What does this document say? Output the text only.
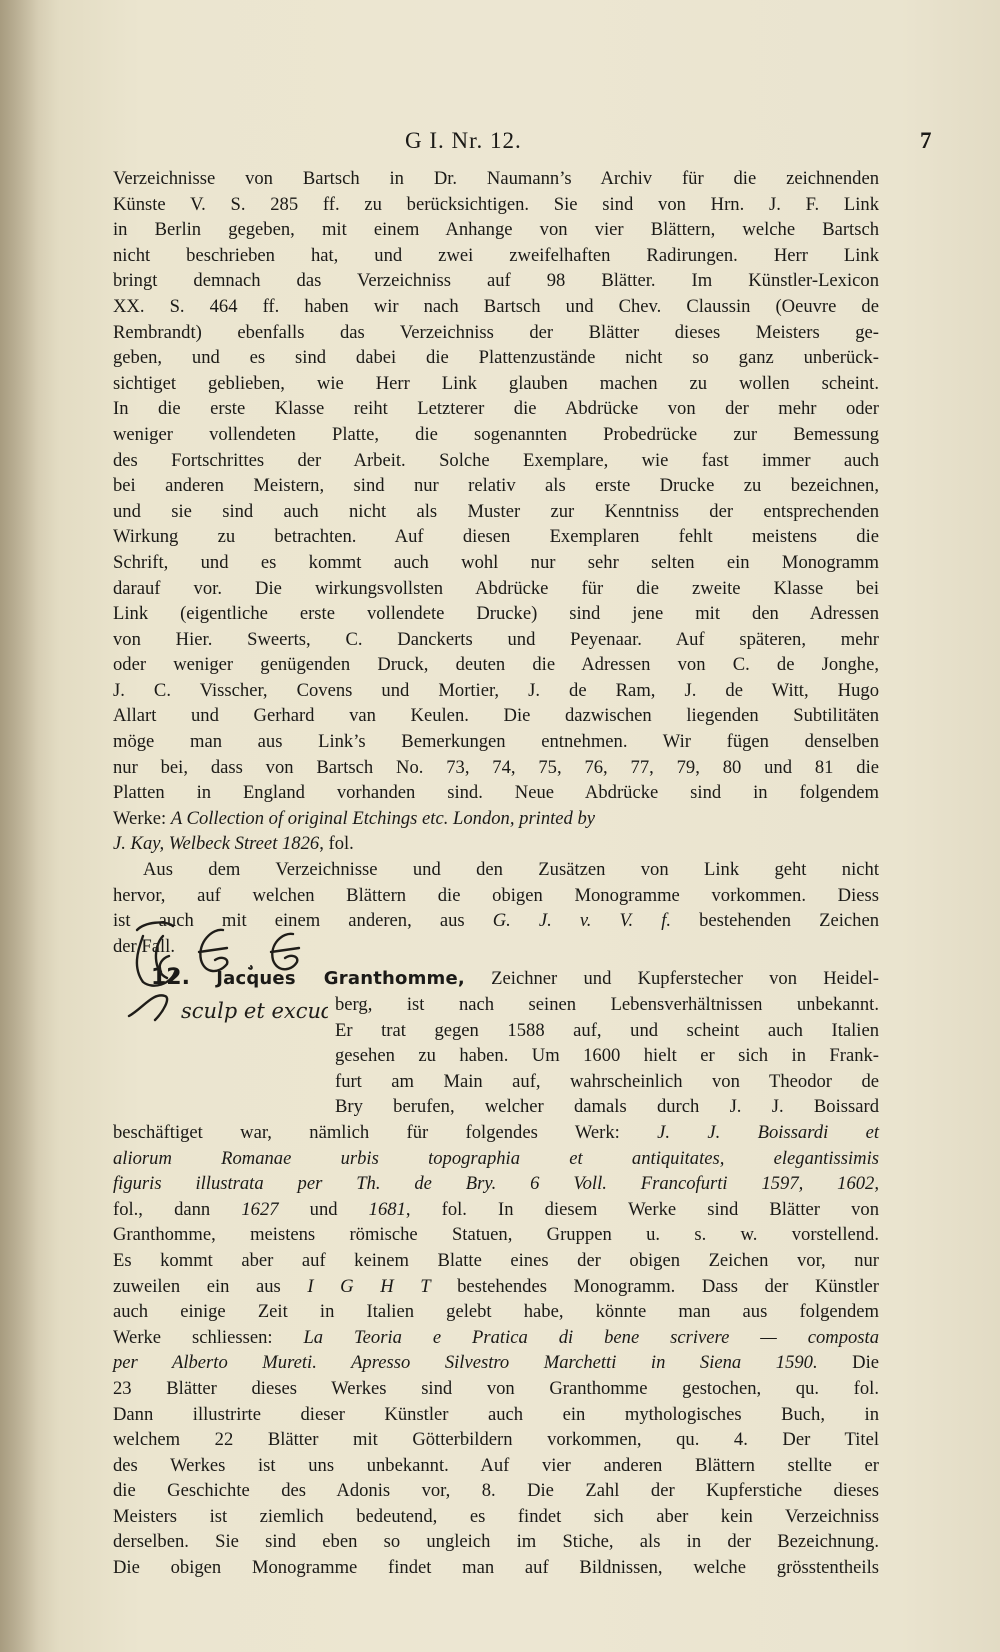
G I. Nr. 12.	7
Verzeichnisse von Bartsch in Dr. Naumann’s Archiv für die zeichnenden
Künste V. S. 285 ff. zu berücksichtigen. Sie sind von Hrn. J. F. Link
in Berlin gegeben, mit einem Anhange von vier Blättern, welche Bartsch
nicht beschrieben hat, und zwei zweifelhaften Radirungen. Herr Link
bringt demnach das Verzeichniss auf 98 Blätter. Im Künstler-Lexicon
XX. S. 464 ff. haben wir nach Bartsch und Chev. Claussin (Oeuvre de
Rembrandt) ebenfalls das Verzeichniss der Blätter dieses Meisters ge-
geben, und es sind dabei die Plattenzustände nicht so ganz unberück-
sichtiget geblieben, wie Herr Link glauben machen zu wollen scheint.
In die erste Klasse reiht Letzterer die Abdrücke von der mehr oder
weniger vollendeten Platte, die sogenannten Probedrücke zur Bemessung
des Fortschrittes der Arbeit. Solche Exemplare, wie fast immer auch
bei anderen Meistern, sind nur relativ als erste Drucke zu bezeichnen,
und sie sind auch nicht als Muster zur Kenntniss der entsprechenden
Wirkung zu betrachten. Auf diesen Exemplaren fehlt meistens die
Schrift, und es kommt auch wohl nur sehr selten ein Monogramm
darauf vor. Die wirkungsvollsten Abdrücke für die zweite Klasse bei
Link (eigentliche erste vollendete Drucke) sind jene mit den Adressen
von Hier. Sweerts, C. Danckerts und Peyenaar. Auf späteren, mehr
oder weniger genügenden Druck, deuten die Adressen von C. de Jonghe,
J. C. Visscher, Covens und Mortier, J. de Ram, J. de Witt, Hugo
Allart und Gerhard van Keulen. Die dazwischen liegenden Subtilitäten
möge man aus Link’s Bemerkungen entnehmen. Wir fügen denselben
nur bei, dass von Bartsch No. 73, 74, 75, 76, 77, 79, 80 und 81 die
Platten in England vorhanden sind. Neue Abdrücke sind in folgendem
Werke: A Collection of original Etchings etc. London, printed by
J. Kay, Welbeck Street 1826, fol.
Aus dem Verzeichnisse und den Zusätzen von Link geht nicht
hervor, auf welchen Blättern die obigen Monogramme vorkommen. Diess
ist auch mit einem anderen, aus G. J. v. V. f. bestehenden Zeichen
der Fall.
12. Jacques Granthomme, Zeichner und Kupferstecher von Heidel-
berg, ist nach seinen Lebensverhältnissen unbekannt.
Er trat gegen 1588 auf, und scheint auch Italien
gesehen zu haben. Um 1600 hielt er sich in Frank-
furt am Main auf, wahrscheinlich von Theodor de
Bry berufen, welcher damals durch J. J. Boissard
beschäftiget war, nämlich für folgendes Werk: J. J. Boissardi et
aliorum Romanae urbis topographia et antiquitates, elegantissimis
figuris illustrata per Th. de Bry. 6 Voll. Francofurti 1597, 1602,
fol., dann 1627 und 1681, fol. In diesem Werke sind Blätter von
Granthomme, meistens römische Statuen, Gruppen u. s. w. vorstellend.
Es kommt aber auf keinem Blatte eines der obigen Zeichen vor, nur
zuweilen ein aus I G H T bestehendes Monogramm. Dass der Künstler
auch einige Zeit in Italien gelebt habe, könnte man aus folgendem
Werke schliessen: La Teoria e Pratica di bene scrivere — composta
per Alberto Mureti. Apresso Silvestro Marchetti in Siena 1590. Die
23 Blätter dieses Werkes sind von Granthomme gestochen, qu. fol.
Dann illustrirte dieser Künstler auch ein mythologisches Buch, in
welchem 22 Blätter mit Götterbildern vorkommen, qu. 4. Der Titel
des Werkes ist uns unbekannt. Auf vier anderen Blättern stellte er
die Geschichte des Adonis vor, 8. Die Zahl der Kupferstiche dieses
Meisters ist ziemlich bedeutend, es findet sich aber kein Verzeichniss
derselben. Sie sind eben so ungleich im Stiche, als in der Bezeichnung.
Die obigen Monogramme findet man auf Bildnissen, welche grösstentheils
sculp et excud
